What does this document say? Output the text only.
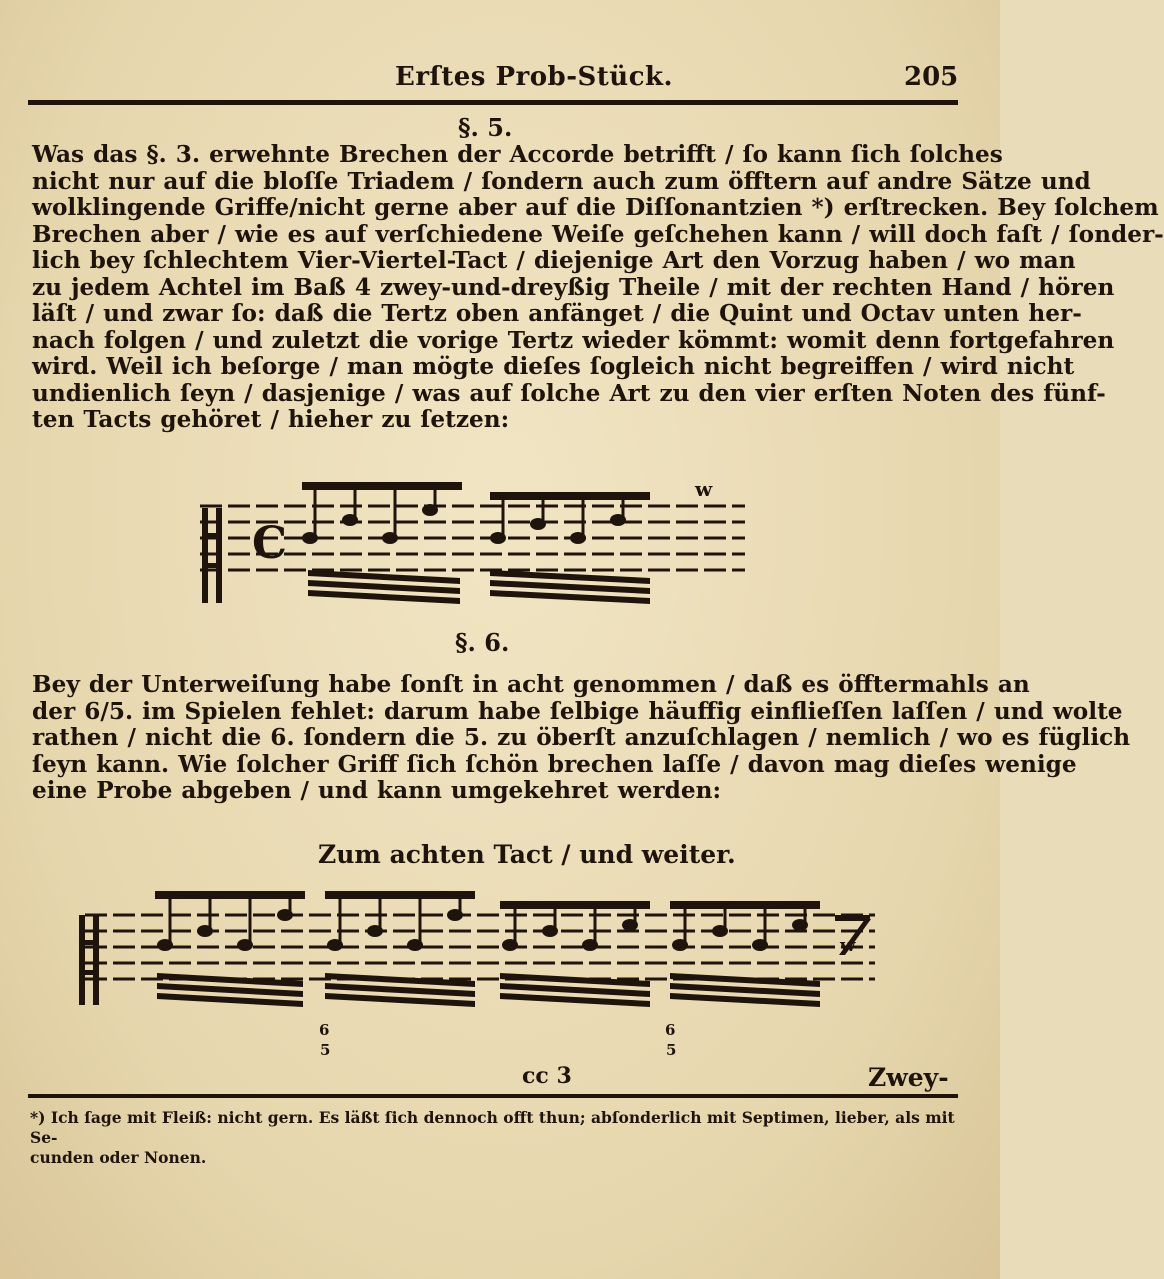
Erſtes Prob-Stück.	205
§. 5.
Was das §. 3. erwehnte Brechen der Accorde betrifft / ſo kann ſich ſolches
nicht nur auf die bloſſe Triadem / ſondern auch zum öfftern auf andre Sätze und
wolklingende Griffe/nicht gerne aber auf die Diſſonantzien *) erſtrecken. Bey ſolchem
Brechen aber / wie es auf verſchiedene Weiſe geſchehen kann / will doch faſt / ſonder-
lich bey ſchlechtem Vier-Viertel-Tact / diejenige Art den Vorzug haben / wo man
zu jedem Achtel im Baß 4 zwey-und-dreyßig Theile / mit der rechten Hand / hören
läſt / und zwar ſo: daß die Tertz oben anfänget / die Quint und Octav unten her-
nach folgen / und zuletzt die vorige Tertz wieder kömmt: womit denn fortgefahren
wird. Weil ich beſorge / man mögte dieſes ſogleich nicht begreiffen / wird nicht
undienlich ſeyn / dasjenige / was auf ſolche Art zu den vier erſten Noten des fünf-
ten Tacts gehöret / hieher zu ſetzen:
C
w
§. 6.
Bey der Unterweiſung habe ſonſt in acht genommen / daß es öfftermahls an
der 6/5. im Spielen fehlet: darum habe ſelbige häuffig einflieſſen laſſen / und wolte
rathen / nicht die 6. ſondern die 5. zu öberſt anzuſchlagen / nemlich / wo es füglich
ſeyn kann. Wie ſolcher Griff ſich ſchön brechen laſſe / davon mag dieſes wenige
eine Probe abgeben / und kann umgekehret werden:
Zum achten Tact / und weiter.
w
6
5
6
5
cc 3	Zwey-
*) Ich ſage mit Fleiß: nicht gern. Es läßt ſich dennoch offt thun; abſonderlich mit Septimen, lieber, als mit Se-
cunden oder Nonen.
